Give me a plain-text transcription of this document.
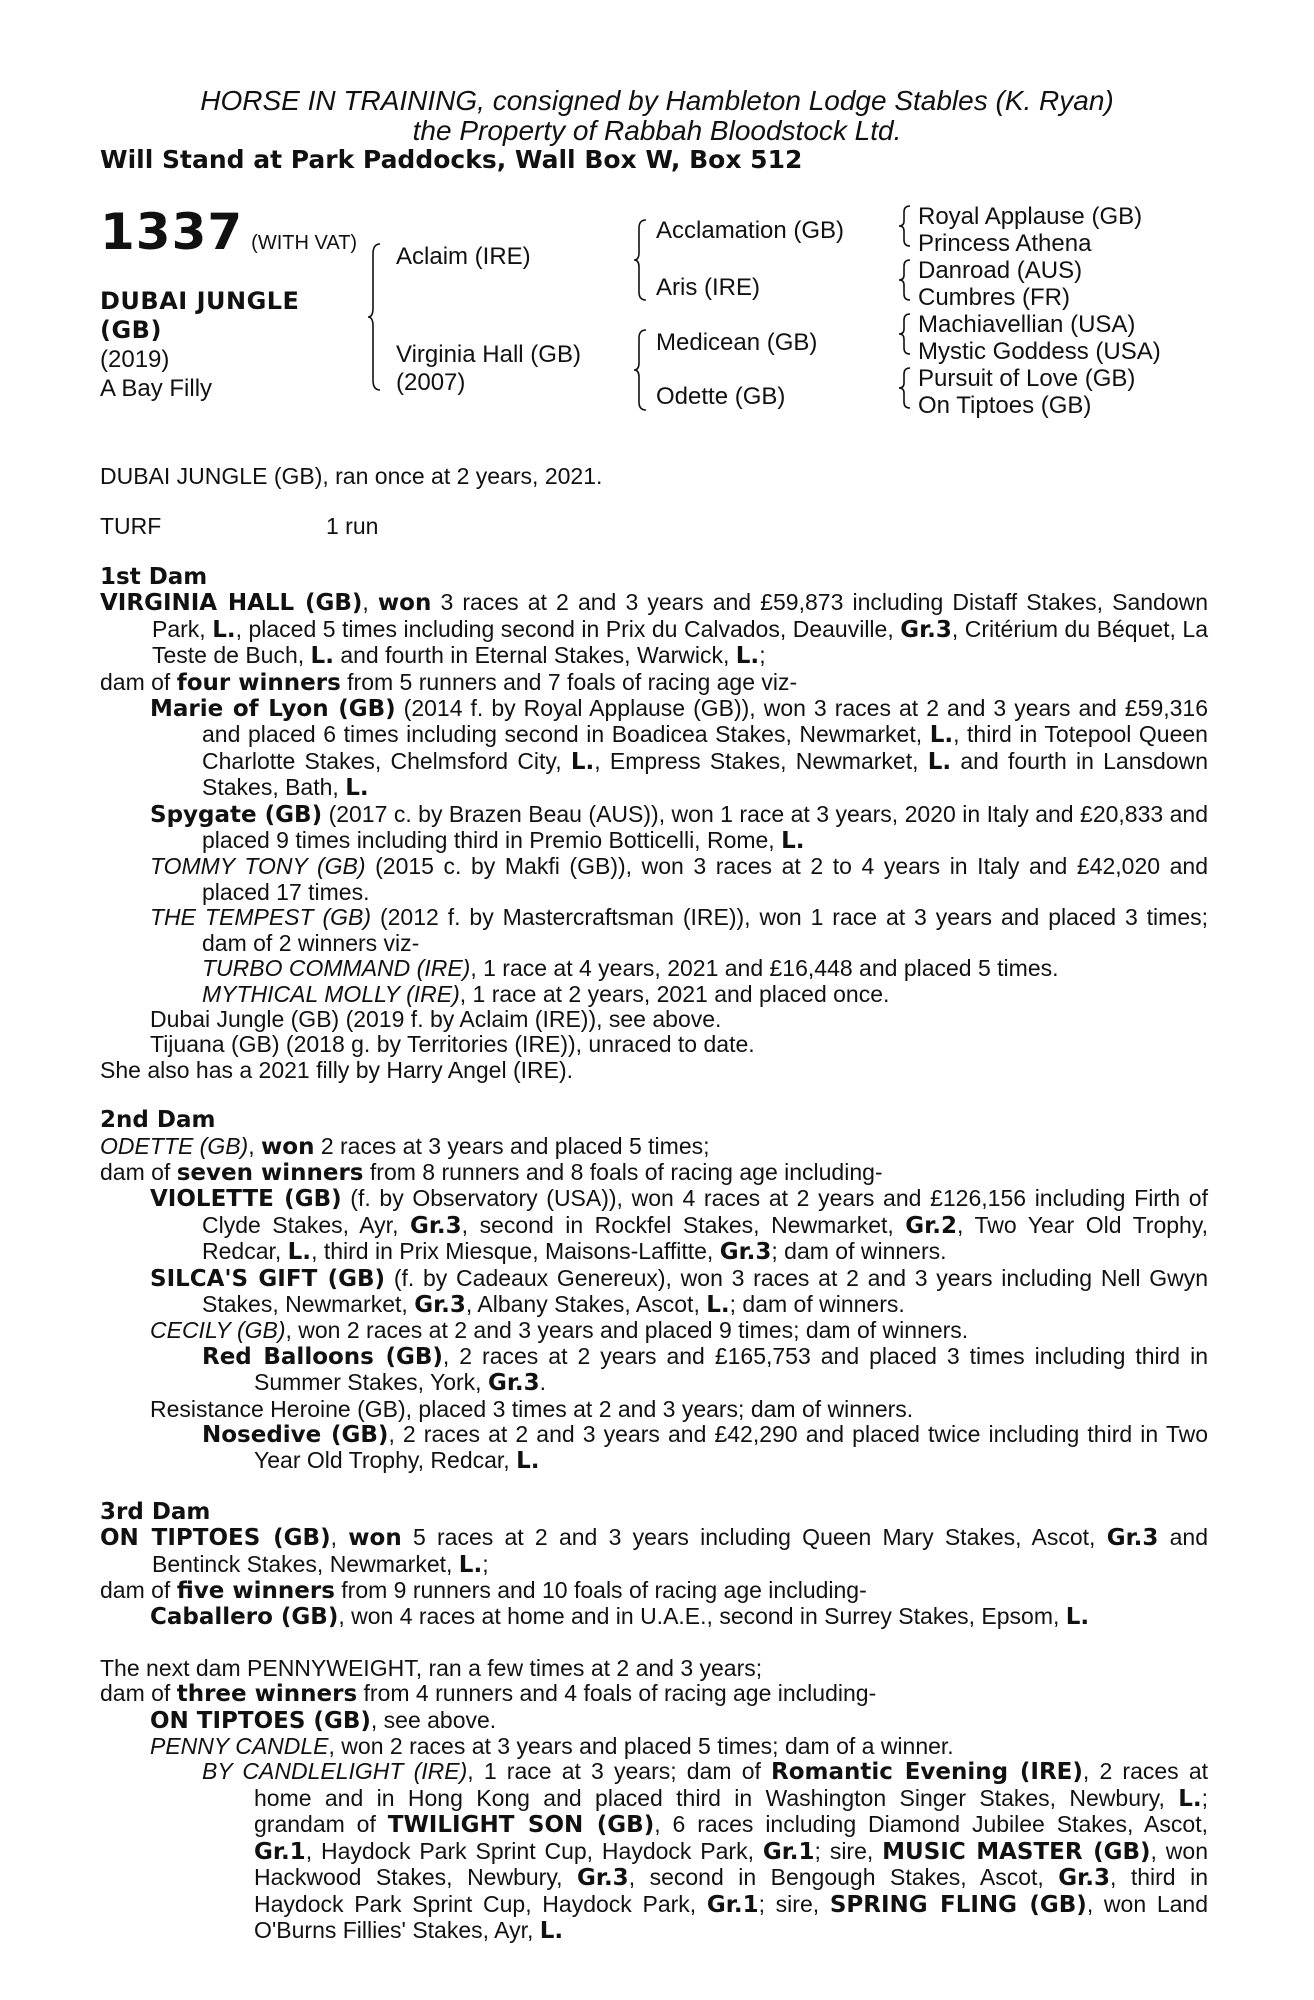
HORSE IN TRAINING, consigned by Hambleton Lodge Stables (K. Ryan)
the Property of Rabbah Bloodstock Ltd.
Will Stand at Park Paddocks, Wall Box W, Box 512
1337 (WITH VAT)
DUBAI JUNGLE
(GB)
(2019)
A Bay Filly
Aclaim (IRE)
Virginia Hall (GB)
(2007)
Acclamation (GB)
Aris (IRE)
Medicean (GB)
Odette (GB)
Royal Applause (GB)
Princess Athena
Danroad (AUS)
Cumbres (FR)
Machiavellian (USA)
Mystic Goddess (USA)
Pursuit of Love (GB)
On Tiptoes (GB)
DUBAI JUNGLE (GB), ran once at 2 years, 2021.
TURF	1 run

1st Dam

VIRGINIA HALL (GB), won 3 races at 2 and 3 years and £59,873 including Distaff Stakes, Sandown Park, L., placed 5 times including second in Prix du Calvados, Deauville, Gr.3, Critérium du Béquet, La Teste de Buch, L. and fourth in Eternal Stakes, Warwick, L.;

dam of four winners from 5 runners and 7 foals of racing age viz-

Marie of Lyon (GB) (2014 f. by Royal Applause (GB)), won 3 races at 2 and 3 years and £59,316 and placed 6 times including second in Boadicea Stakes, Newmarket, L., third in Totepool Queen Charlotte Stakes, Chelmsford City, L., Empress Stakes, Newmarket, L. and fourth in Lansdown Stakes, Bath, L.

Spygate (GB) (2017 c. by Brazen Beau (AUS)), won 1 race at 3 years, 2020 in Italy and £20,833 and placed 9 times including third in Premio Botticelli, Rome, L.

TOMMY TONY (GB) (2015 c. by Makfi (GB)), won 3 races at 2 to 4 years in Italy and £42,020 and placed 17 times.

THE TEMPEST (GB) (2012 f. by Mastercraftsman (IRE)), won 1 race at 3 years and placed 3 times; dam of 2 winners viz-

TURBO COMMAND (IRE), 1 race at 4 years, 2021 and £16,448 and placed 5 times.

MYTHICAL MOLLY (IRE), 1 race at 2 years, 2021 and placed once.

Dubai Jungle (GB) (2019 f. by Aclaim (IRE)), see above.

Tijuana (GB) (2018 g. by Territories (IRE)), unraced to date.

She also has a 2021 filly by Harry Angel (IRE).

2nd Dam

ODETTE (GB), won 2 races at 3 years and placed 5 times;

dam of seven winners from 8 runners and 8 foals of racing age including-

VIOLETTE (GB) (f. by Observatory (USA)), won 4 races at 2 years and £126,156 including Firth of Clyde Stakes, Ayr, Gr.3, second in Rockfel Stakes, Newmarket, Gr.2, Two Year Old Trophy, Redcar, L., third in Prix Miesque, Maisons-Laffitte, Gr.3; dam of winners.

SILCA'S GIFT (GB) (f. by Cadeaux Genereux), won 3 races at 2 and 3 years including Nell Gwyn Stakes, Newmarket, Gr.3, Albany Stakes, Ascot, L.; dam of winners.

CECILY (GB), won 2 races at 2 and 3 years and placed 9 times; dam of winners.

Red Balloons (GB), 2 races at 2 years and £165,753 and placed 3 times including third in Summer Stakes, York, Gr.3.

Resistance Heroine (GB), placed 3 times at 2 and 3 years; dam of winners.

Nosedive (GB), 2 races at 2 and 3 years and £42,290 and placed twice including third in Two Year Old Trophy, Redcar, L.

3rd Dam

ON TIPTOES (GB), won 5 races at 2 and 3 years including Queen Mary Stakes, Ascot, Gr.3 and Bentinck Stakes, Newmarket, L.;

dam of five winners from 9 runners and 10 foals of racing age including-

Caballero (GB), won 4 races at home and in U.A.E., second in Surrey Stakes, Epsom, L.

The next dam PENNYWEIGHT, ran a few times at 2 and 3 years;

dam of three winners from 4 runners and 4 foals of racing age including-

ON TIPTOES (GB), see above.

PENNY CANDLE, won 2 races at 3 years and placed 5 times; dam of a winner.

BY CANDLELIGHT (IRE), 1 race at 3 years; dam of Romantic Evening (IRE), 2 races at home and in Hong Kong and placed third in Washington Singer Stakes, Newbury, L.; grandam of TWILIGHT SON (GB), 6 races including Diamond Jubilee Stakes, Ascot, Gr.1, Haydock Park Sprint Cup, Haydock Park, Gr.1; sire, MUSIC MASTER (GB), won Hackwood Stakes, Newbury, Gr.3, second in Bengough Stakes, Ascot, Gr.3, third in Haydock Park Sprint Cup, Haydock Park, Gr.1; sire, SPRING FLING (GB), won Land O'Burns Fillies' Stakes, Ayr, L.
